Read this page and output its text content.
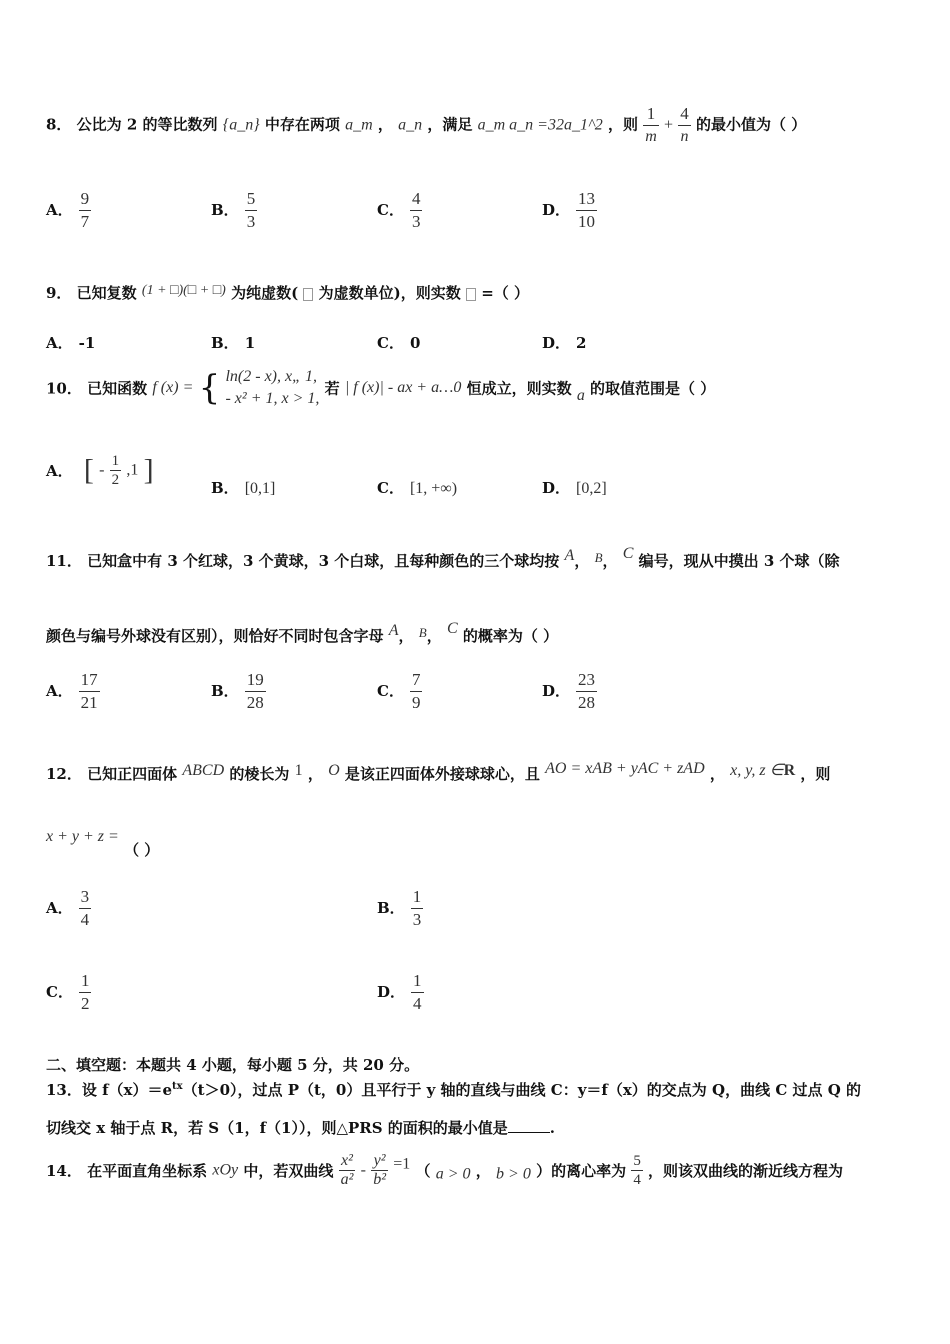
8． 公比为 2 的等比数列 {a_n} 中存在两项 a_m ， a_n ，满足 a_m a_n =32a_1^2 ，则 $\frac{1}{m} + \frac{4}{n}$ 的最小值为（ ）
A． $\frac{9}{7}$	B． $\frac{5}{3}$	C． $\frac{4}{3}$	D． $\frac{13}{10}$
9． 已知复数 (1 + □)(□ + □) 为纯虚数( 为虚数单位)，则实数  =（ ）
A． -1	B． 1	C． 0	D． 2
10． 已知函数 f (x) = { ln(2 - x), x„ 1,
- x² + 1, x > 1,
若 | f (x)| - ax + a…0 恒成立，则实数 a 的取值范围是（ ）
A． [ - $\frac{1}{2} ,1$ ]
B． [0,1]	C． [1, +∞)	D． [0,2]
11． 已知盒中有 3 个红球，3 个黄球，3 个白球，且每种颜色的三个球均按 A， B， C 编号，现从中摸出 3 个球（除
颜色与编号外球没有区别），则恰好不同时包含字母 A， B， C 的概率为（ ）
A． $\frac{17}{21}$	B． $\frac{19}{28}$	C． $\frac{7}{9}$	D． $\frac{23}{28}$
12． 已知正四面体 ABCD 的棱长为 1 ， O 是该正四面体外接球球心，且 AO = xAB + yAC + zAD ， x, y, z ∈R ，则
x + y + z = （ ）
A． $\frac{3}{4}$	B． $\frac{1}{3}$
C． $\frac{1}{2}$	D． $\frac{1}{4}$
二、填空题：本题共 4 小题，每小题 5 分，共 20 分。
13．设 $f(x)=e^{tx}(t>0)$，过点 P（t，0）且平行于 y 轴的直线与曲线 C：y＝f（x）的交点为 Q，曲线 C 过点 Q 的
切线交 x 轴于点 R，若 S（1，f（1）），则△PRS 的面积的最小值是	.
14． 在平面直角坐标系 xOy 中，若双曲线 $\frac{\text{x²}}{\text{a²}} - \frac{\text{y²}}{\text{b²}} =1$ （ a > 0 ， b > 0 ）的离心率为 $\frac{5}{4}$ ，则该双曲线的渐近线方程为
